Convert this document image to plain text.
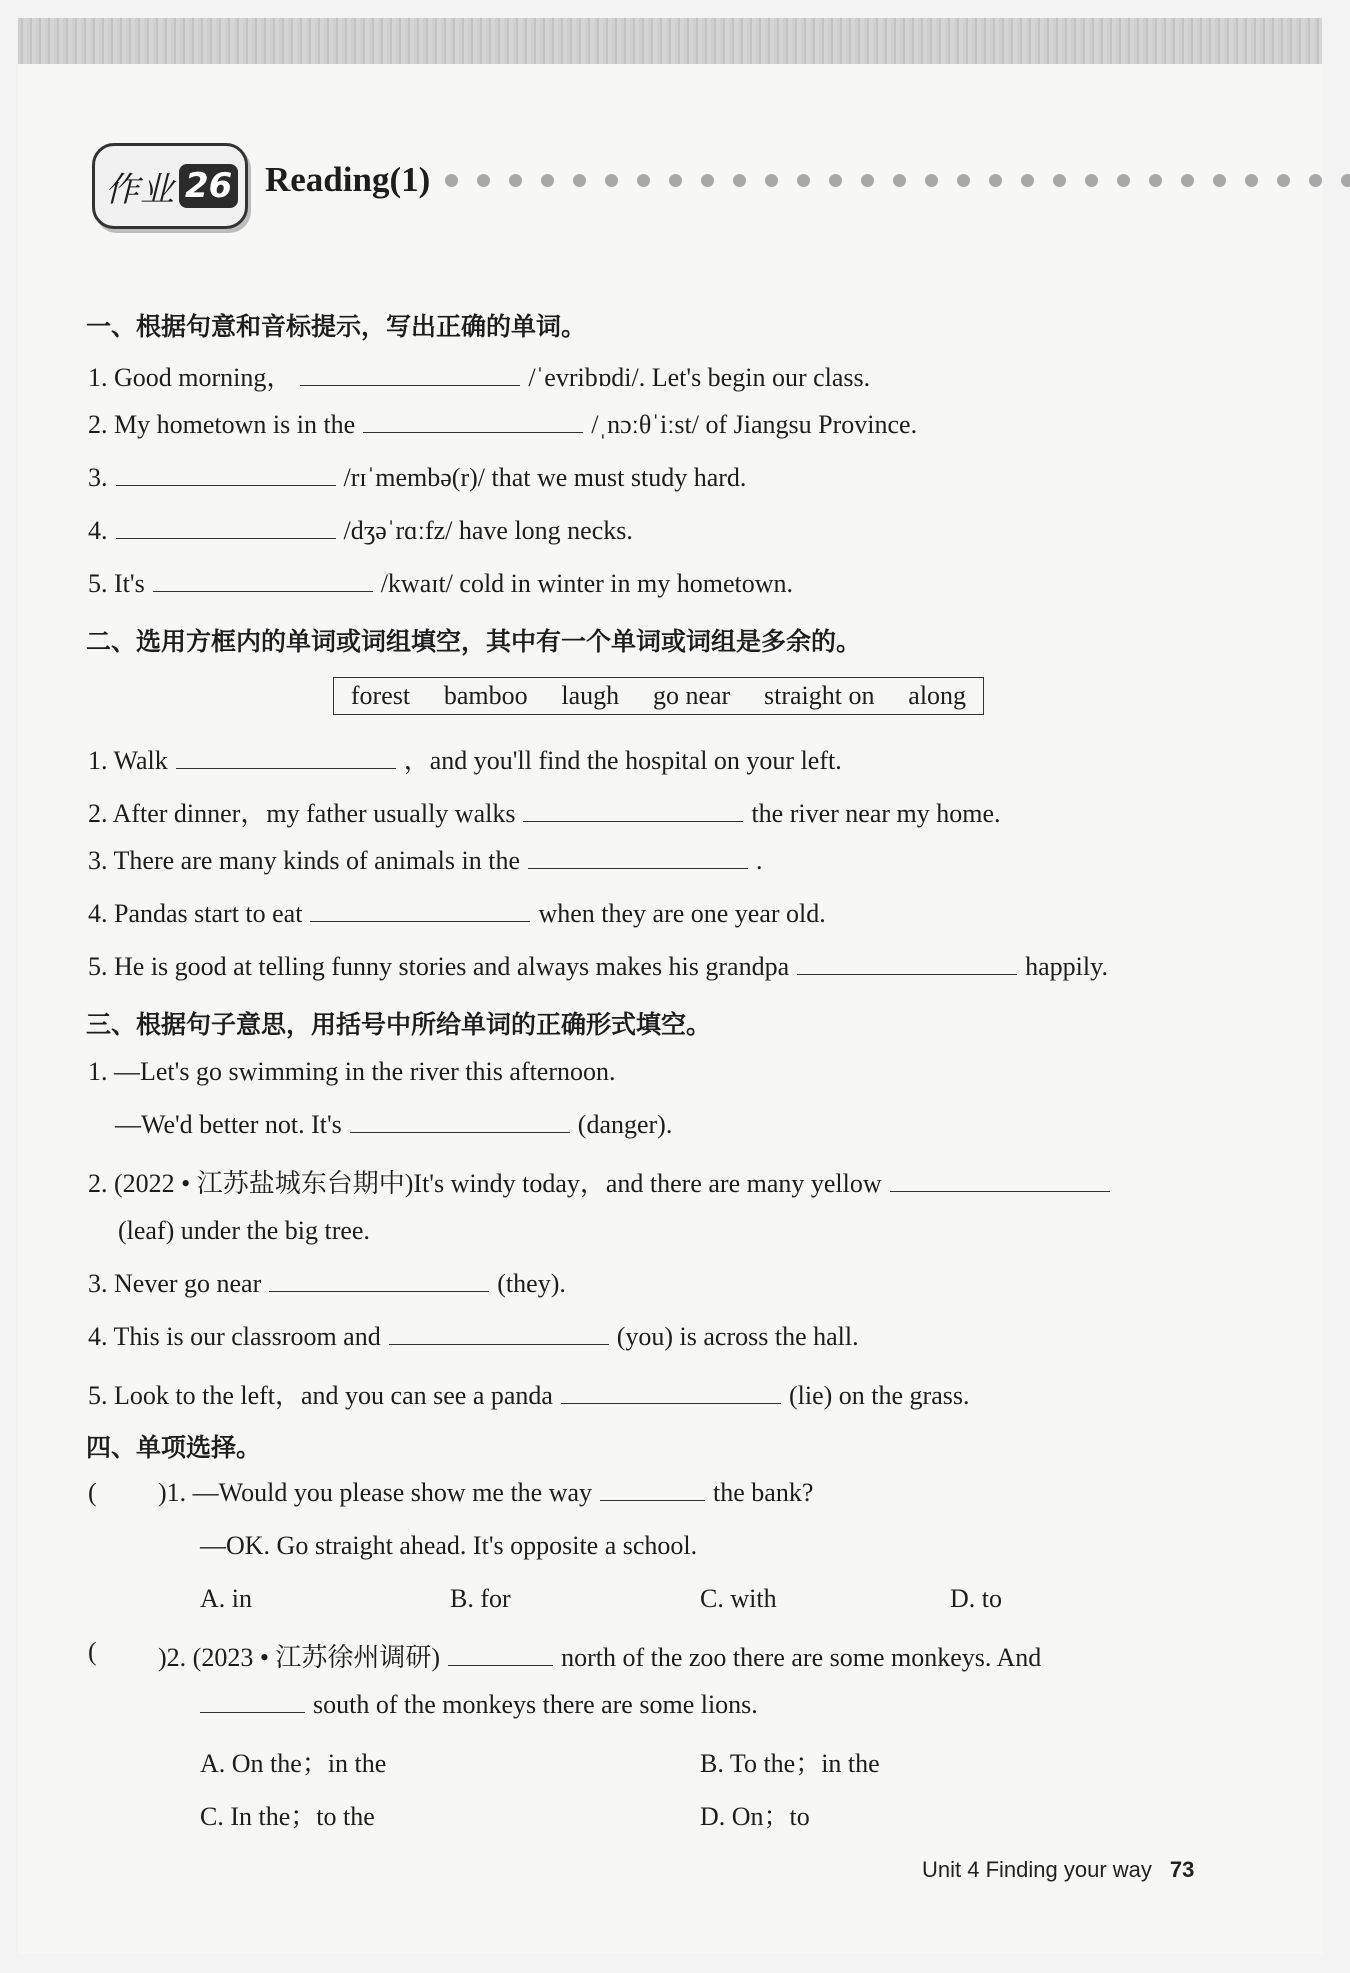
作业 26 Reading(1)
一、根据句意和音标提示，写出正确的单词。
1. Good morning，	/ˈevribɒdi/. Let's begin our class.
2. My hometown is in the	/ˌnɔːθˈiːst/ of Jiangsu Province.
3.	/rɪˈmembə(r)/ that we must study hard.
4.	/dʒəˈrɑːfz/ have long necks.
5. It's	/kwaɪt/ cold in winter in my hometown.
二、选用方框内的单词或词组填空，其中有一个单词或词组是多余的。
forest bamboo laugh go near straight on along
1. Walk	，and you'll find the hospital on your left.
2. After dinner，my father usually walks	the river near my home.
3. There are many kinds of animals in the	.
4. Pandas start to eat	when they are one year old.
5. He is good at telling funny stories and always makes his grandpa	happily.
三、根据句子意思，用括号中所给单词的正确形式填空。
1. —Let's go swimming in the river this afternoon.
—We'd better not. It's	(danger).
2. (2022 • 江苏盐城东台期中)It's windy today，and there are many yellow
(leaf) under the big tree.
3. Never go near	(they).
4. This is our classroom and	(you) is across the hall.
5. Look to the left，and you can see a panda	(lie) on the grass.
四、单项选择。
( )1. —Would you please show me the way	the bank?
—OK. Go straight ahead. It's opposite a school.
A. in	B. for	C. with	D. to
( )2. (2023 • 江苏徐州调研)	north of the zoo there are some monkeys. And
south of the monkeys there are some lions.
A. On the；in the	B. To the；in the
C. In the；to the	D. On；to
Unit 4 Finding your way 73
